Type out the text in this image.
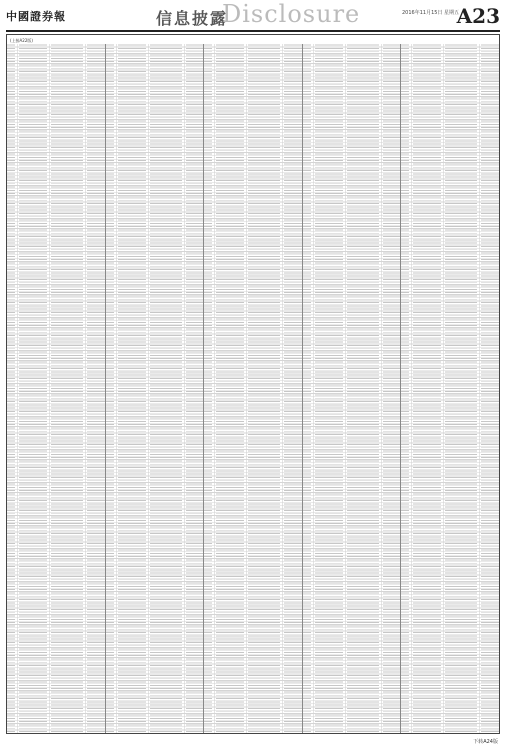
中國證券報	信息披露
Disclosure	2016年11月15日 星期五
A23
(上接A22版)
下转A24版
